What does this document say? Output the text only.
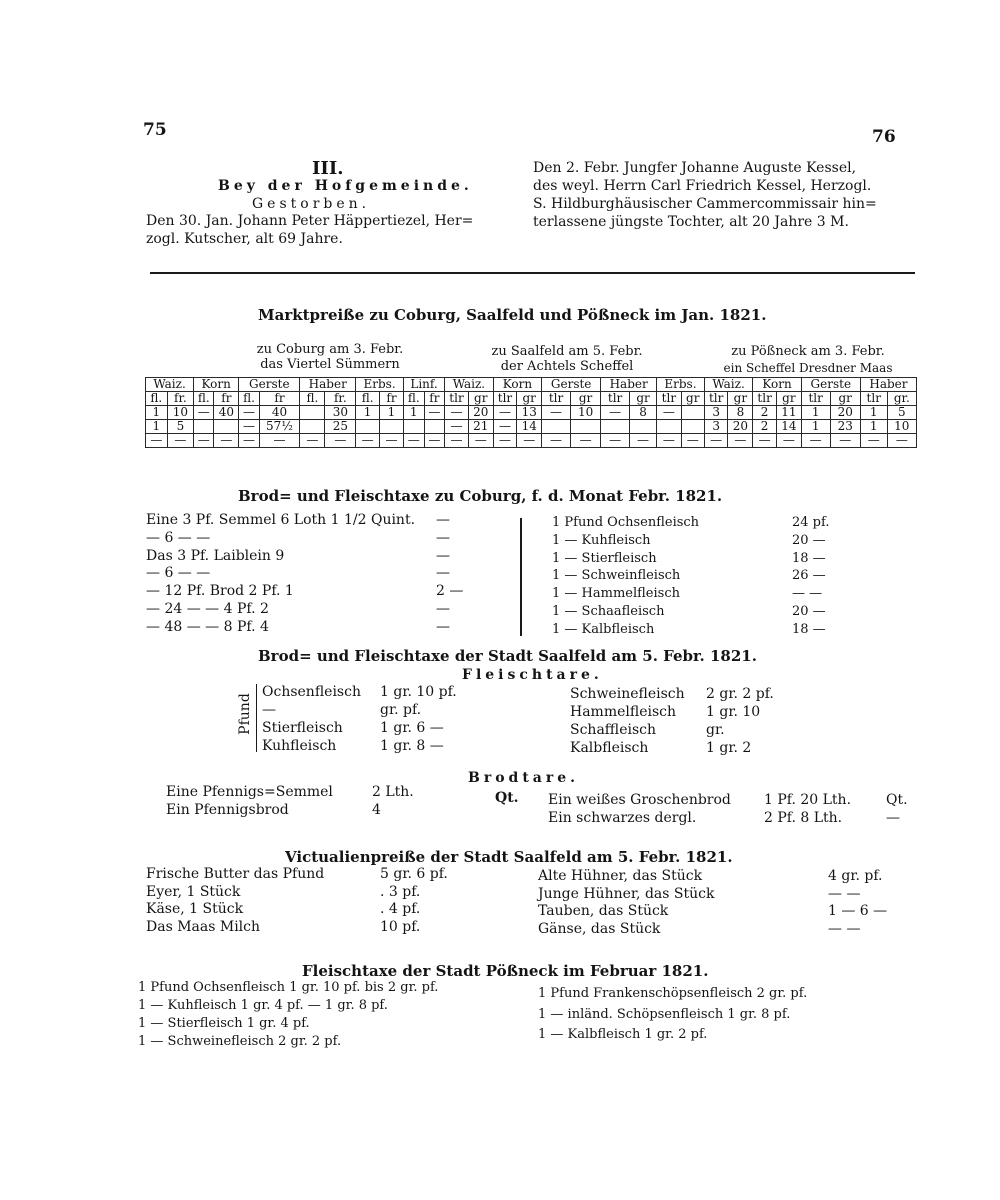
75	76
III.
Bey der Hofgemeinde.
Gestorben.
Den 30. Jan. Johann Peter Häppertiezel, Her=
zogl. Kutscher, alt 69 Jahre.
Den 2. Febr. Jungfer Johanne Auguste Kessel,
des weyl. Herrn Carl Friedrich Kessel, Herzogl.
S. Hildburghäusischer Cammercommissair hin=
terlassene jüngste Tochter, alt 20 Jahre 3 M.
Marktpreiße zu Coburg, Saalfeld und Pößneck im Jan. 1821.
zu Coburg am 3. Febr.
das Viertel Sümmern
zu Saalfeld am 5. Febr.
der Achtels Scheffel
zu Pößneck am 3. Febr.
ein Scheffel Dresdner Maas
Waiz.		Korn		Gerste		Haber		Erbs.		Linf.		Waiz.		Korn		Gerste		Haber		Erbs.		Waiz.		Korn		Gerste		Haber	
fl.	fr.	fl.	fr	fl.	fr	fl.	fr.	fl.	fr	fl.	fr	tlr	gr	tlr	gr	tlr	gr	tlr	gr	tlr	gr	tlr	gr	tlr	gr	tlr	gr	tlr	gr.
1	10	—	40	—	40		30	1	1	1	—	—	20	—	13	—	10	—	8	—		3	8	2	11	1	20	1	5
1	5			—	57½		25					—	21	—	14							3	20	2	14	1	23	1	10
—	—	—	—	—	—	—	—	—	—	—	—	—	—	—	—	—	—	—	—	—	—	—	—	—	—	—	—	—	—
Brod= und Fleischtaxe zu Coburg, f. d. Monat Febr. 1821.
Eine 3 Pf. Semmel 6 Loth 1 1/2 Quint. —
— 6 — —	—
Das 3 Pf. Laiblein 9	—
— 6 — —	—
— 12 Pf. Brod 2 Pf. 1	2 —
— 24 — — 4 Pf. 2	—
— 48 — — 8 Pf. 4	—
1 Pfund Ochsenfleisch	24 pf.
1 — Kuhfleisch	20 —
1 — Stierfleisch	18 —
1 — Schweinfleisch	26 —
1 — Hammelfleisch	— —
1 — Schaafleisch	20 —
1 — Kalbfleisch	18 —
Brod= und Fleischtaxe der Stadt Saalfeld am 5. Febr. 1821.
Fleischtare.
Pfund
Ochsenfleisch 1 gr. 10 pf.
—	gr. pf.
Stierfleisch	1 gr. 6 —
Kuhfleisch	1 gr. 8 —
Schweinefleisch 2 gr. 2 pf.
Hammelfleisch 1 gr. 10
Schaffleisch	gr.
Kalbfleisch	1 gr. 2
Brodtare.
Eine Pfennigs=Semmel	2 Lth.
Ein Pfennigsbrod	4
Qt. Ein weißes Groschenbrod 1 Pf. 20 Lth. Qt.
Ein schwarzes dergl.	2 Pf. 8 Lth.	—
Victualienpreiße der Stadt Saalfeld am 5. Febr. 1821.
Frische Butter das Pfund	5 gr. 6 pf.
Eyer, 1 Stück	. 3 pf.
Käse, 1 Stück	. 4 pf.
Das Maas Milch	10 pf.
Alte Hühner, das Stück	4 gr. pf.
Junge Hühner, das Stück	— —
Tauben, das Stück	1 — 6 —
Gänse, das Stück	— —
Fleischtaxe der Stadt Pößneck im Februar 1821.
1 Pfund Ochsenfleisch 1 gr. 10 pf. bis 2 gr. pf.
1 — Kuhfleisch 1 gr. 4 pf. — 1 gr. 8 pf.
1 — Stierfleisch 1 gr. 4 pf.
1 — Schweinefleisch 2 gr. 2 pf.
1 Pfund Frankenschöpsenfleisch 2 gr. pf.
1 — inländ. Schöpsenfleisch 1 gr. 8 pf.
1 — Kalbfleisch 1 gr. 2 pf.
